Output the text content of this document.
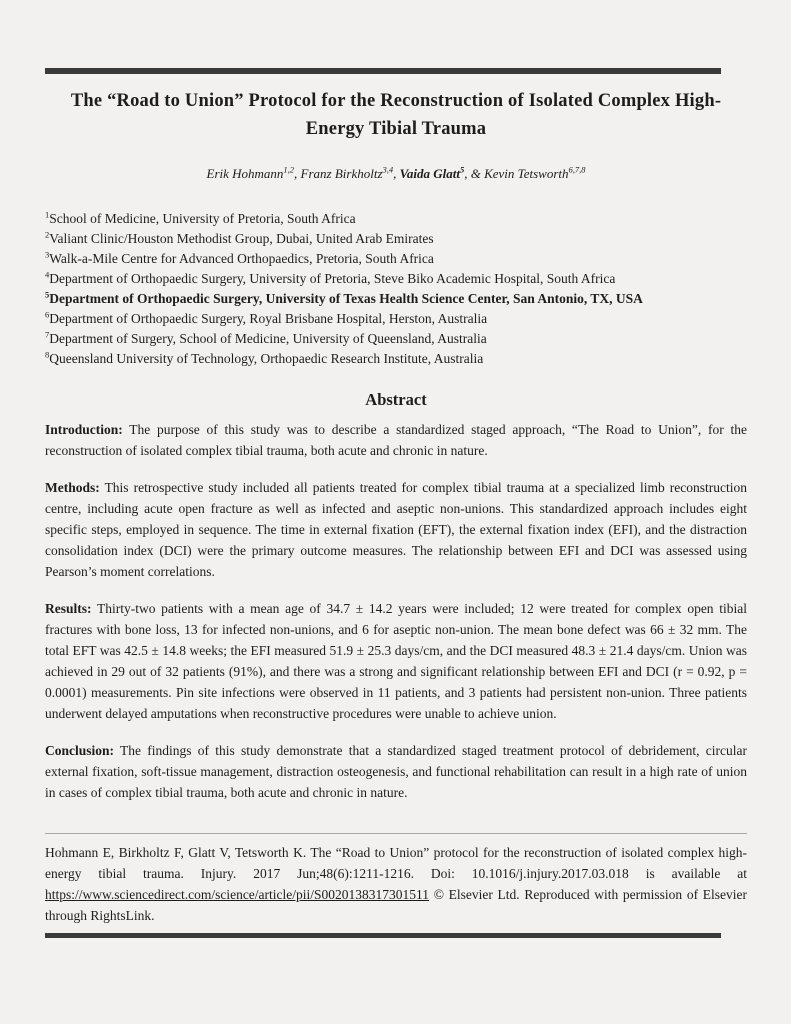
The “Road to Union” Protocol for the Reconstruction of Isolated Complex High-
Energy Tibial Trauma

Erik Hohmann$^{1,2}$, Franz Birkholtz$^{3,4}$, Vaida Glatt$^5$, & Kevin Tetsworth$^{6,7,8}$

$^1$School of Medicine, University of Pretoria, South Africa
$^2$Valiant Clinic/Houston Methodist Group, Dubai, United Arab Emirates
$^3$Walk-a-Mile Centre for Advanced Orthopaedics, Pretoria, South Africa
$^4$Department of Orthopaedic Surgery, University of Pretoria, Steve Biko Academic Hospital, South Africa
$^5$Department of Orthopaedic Surgery, University of Texas Health Science Center, San Antonio, TX, USA
$^6$Department of Orthopaedic Surgery, Royal Brisbane Hospital, Herston, Australia
$^7$Department of Surgery, School of Medicine, University of Queensland, Australia
$^8$Queensland University of Technology, Orthopaedic Research Institute, Australia
Abstract

Introduction: The purpose of this study was to describe a standardized staged approach, “The Road to Union”, for the reconstruction of isolated complex tibial trauma, both acute and chronic in nature.

Methods: This retrospective study included all patients treated for complex tibial trauma at a specialized limb reconstruction centre, including acute open fracture as well as infected and aseptic non-unions. This standardized approach includes eight specific steps, employed in sequence. The time in external fixation (EFT), the external fixation index (EFI), and the distraction consolidation index (DCI) were the primary outcome measures. The relationship between EFI and DCI was assessed using Pearson’s moment correlations.

Results: Thirty-two patients with a mean age of 34.7 ± 14.2 years were included; 12 were treated for complex open tibial fractures with bone loss, 13 for infected non-unions, and 6 for aseptic non-union. The mean bone defect was 66 ± 32 mm. The total EFT was 42.5 ± 14.8 weeks; the EFI measured 51.9 ± 25.3 days/cm, and the DCI measured 48.3 ± 21.4 days/cm. Union was achieved in 29 out of 32 patients (91%), and there was a strong and significant relationship between EFI and DCI (r = 0.92, p = 0.0001) measurements. Pin site infections were observed in 11 patients, and 3 patients had persistent non-union. Three patients underwent delayed amputations when reconstructive procedures were unable to achieve union.

Conclusion: The findings of this study demonstrate that a standardized staged treatment protocol of debridement, circular external fixation, soft-tissue management, distraction osteogenesis, and functional rehabilitation can result in a high rate of union in cases of complex tibial trauma, both acute and chronic in nature.

Hohmann E, Birkholtz F, Glatt V, Tetsworth K. The “Road to Union” protocol for the reconstruction of isolated complex high-energy tibial trauma. Injury. 2017 Jun;48(6):1211-1216. Doi: 10.1016/j.injury.2017.03.018 is available at https://www.sciencedirect.com/science/article/pii/S0020138317301511 © Elsevier Ltd. Reproduced with permission of Elsevier through RightsLink.
